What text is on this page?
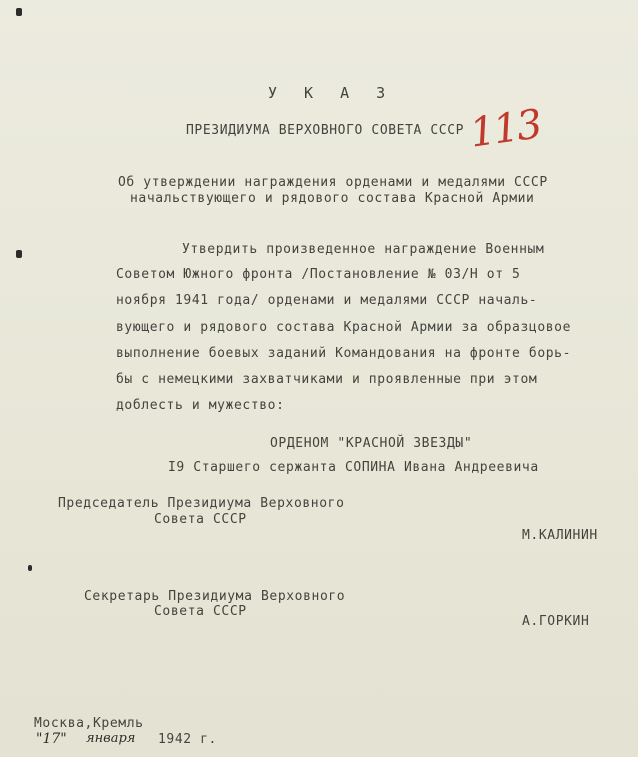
У К А З
ПРЕЗИДИУМА ВЕРХОВНОГО СОВЕТА СССР 113
Об утверждении награждения орденами и медалями СССР
начальствующего и рядового состава Красной Армии
Утвердить произведенное награждение Военным
Советом Южного фронта /Постановление № 03/Н от 5
ноября 1941 года/ орденами и медалями СССР началь-
вующего и рядового состава Красной Армии за образцовое
выполнение боевых заданий Командования на фронте борь-
бы с немецкими захватчиками и проявленные при этом
доблесть и мужество:
ОРДЕНОМ "КРАСНОЙ ЗВЕЗДЫ"
I9 Старшего сержанта СОПИНА Ивана Андреевича
Председатель Президиума Верховного
Совета СССР
М.КАЛИНИН
Секретарь Президиума Верховного
Совета СССР
А.ГОРКИН
Москва,Кремль
"17" января 1942 г.
